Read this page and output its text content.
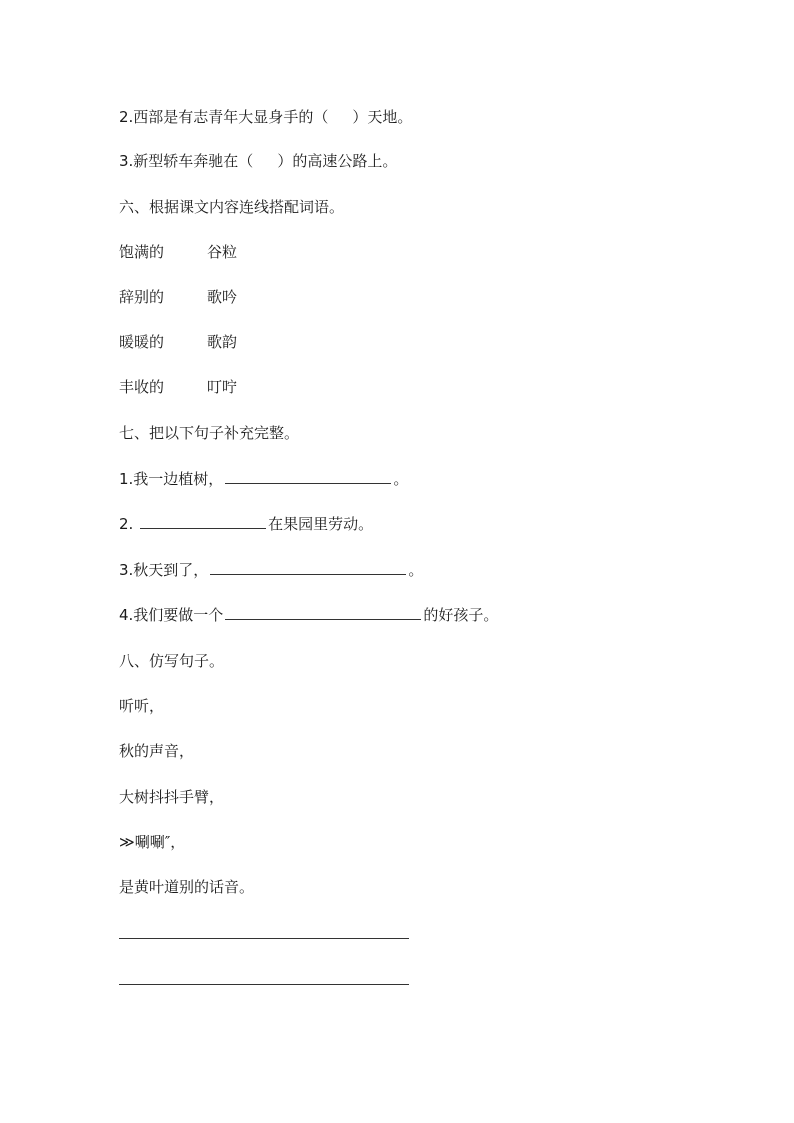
2.西部是有志青年大显身手的（ ）天地。
3.新型轿车奔驰在（ ）的高速公路上。
六、根据课文内容连线搭配词语。
饱满的	谷粒
辞别的	歌吟
暖暖的	歌韵
丰收的	叮咛
七、把以下句子补充完整。
1.我一边植树，	。
2.	在果园里劳动。
3.秋天到了，	。
4.我们要做一个	的好孩子。
八、仿写句子。
听听，
秋的声音，
大树抖抖手臂，
≫唰唰″，
是黄叶道别的话音。
